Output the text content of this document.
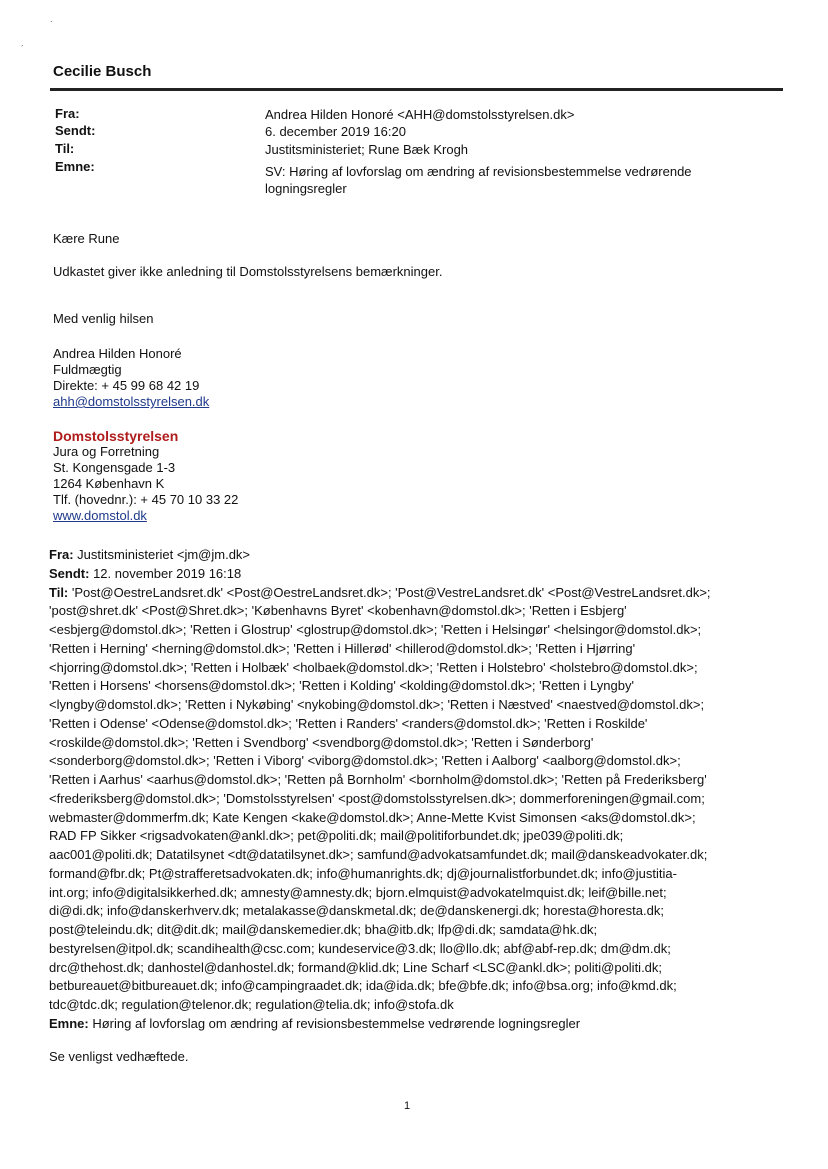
.
´
Cecilie Busch
Fra:	Andrea Hilden Honoré <AHH@domstolsstyrelsen.dk>
Sendt:	6. december 2019 16:20
Til:	Justitsministeriet; Rune Bæk Krogh
Emne:	SV: Høring af lovforslag om ændring af revisionsbestemmelse vedrørende
logningsregler
Kære Rune
Udkastet giver ikke anledning til Domstolsstyrelsens bemærkninger.
Med venlig hilsen
Andrea Hilden Honoré
Fuldmægtig
Direkte: + 45 99 68 42 19
ahh@domstolsstyrelsen.dk
Domstolsstyrelsen
Jura og Forretning
St. Kongensgade 1-3
1264 København K
Tlf. (hovednr.): + 45 70 10 33 22
www.domstol.dk
Fra: Justitsministeriet <jm@jm.dk>
Sendt: 12. november 2019 16:18
Til: 'Post@OestreLandsret.dk' <Post@OestreLandsret.dk>; 'Post@VestreLandsret.dk' <Post@VestreLandsret.dk>;
'post@shret.dk' <Post@Shret.dk>; 'Københavns Byret' <kobenhavn@domstol.dk>; 'Retten i Esbjerg'
<esbjerg@domstol.dk>; 'Retten i Glostrup' <glostrup@domstol.dk>; 'Retten i Helsingør' <helsingor@domstol.dk>;
'Retten i Herning' <herning@domstol.dk>; 'Retten i Hillerød' <hillerod@domstol.dk>; 'Retten i Hjørring'
<hjorring@domstol.dk>; 'Retten i Holbæk' <holbaek@domstol.dk>; 'Retten i Holstebro' <holstebro@domstol.dk>;
'Retten i Horsens' <horsens@domstol.dk>; 'Retten i Kolding' <kolding@domstol.dk>; 'Retten i Lyngby'
<lyngby@domstol.dk>; 'Retten i Nykøbing' <nykobing@domstol.dk>; 'Retten i Næstved' <naestved@domstol.dk>;
'Retten i Odense' <Odense@domstol.dk>; 'Retten i Randers' <randers@domstol.dk>; 'Retten i Roskilde'
<roskilde@domstol.dk>; 'Retten i Svendborg' <svendborg@domstol.dk>; 'Retten i Sønderborg'
<sonderborg@domstol.dk>; 'Retten i Viborg' <viborg@domstol.dk>; 'Retten i Aalborg' <aalborg@domstol.dk>;
'Retten i Aarhus' <aarhus@domstol.dk>; 'Retten på Bornholm' <bornholm@domstol.dk>; 'Retten på Frederiksberg'
<frederiksberg@domstol.dk>; 'Domstolsstyrelsen' <post@domstolsstyrelsen.dk>; dommerforeningen@gmail.com;
webmaster@dommerfm.dk; Kate Kengen <kake@domstol.dk>; Anne-Mette Kvist Simonsen <aks@domstol.dk>;
RAD FP Sikker <rigsadvokaten@ankl.dk>; pet@politi.dk; mail@politiforbundet.dk; jpe039@politi.dk;
aac001@politi.dk; Datatilsynet <dt@datatilsynet.dk>; samfund@advokatsamfundet.dk; mail@danskeadvokater.dk;
formand@fbr.dk; Pt@strafferetsadvokaten.dk; info@humanrights.dk; dj@journalistforbundet.dk; info@justitia-
int.org; info@digitalsikkerhed.dk; amnesty@amnesty.dk; bjorn.elmquist@advokatelmquist.dk; leif@bille.net;
di@di.dk; info@danskerhverv.dk; metalakasse@danskmetal.dk; de@danskenergi.dk; horesta@horesta.dk;
post@teleindu.dk; dit@dit.dk; mail@danskemedier.dk; bha@itb.dk; lfp@di.dk; samdata@hk.dk;
bestyrelsen@itpol.dk; scandihealth@csc.com; kundeservice@3.dk; llo@llo.dk; abf@abf-rep.dk; dm@dm.dk;
drc@thehost.dk; danhostel@danhostel.dk; formand@klid.dk; Line Scharf <LSC@ankl.dk>; politi@politi.dk;
betbureauet@bitbureauet.dk; info@campingraadet.dk; ida@ida.dk; bfe@bfe.dk; info@bsa.org; info@kmd.dk;
tdc@tdc.dk; regulation@telenor.dk; regulation@telia.dk; info@stofa.dk
Emne: Høring af lovforslag om ændring af revisionsbestemmelse vedrørende logningsregler
Se venligst vedhæftede.
1
